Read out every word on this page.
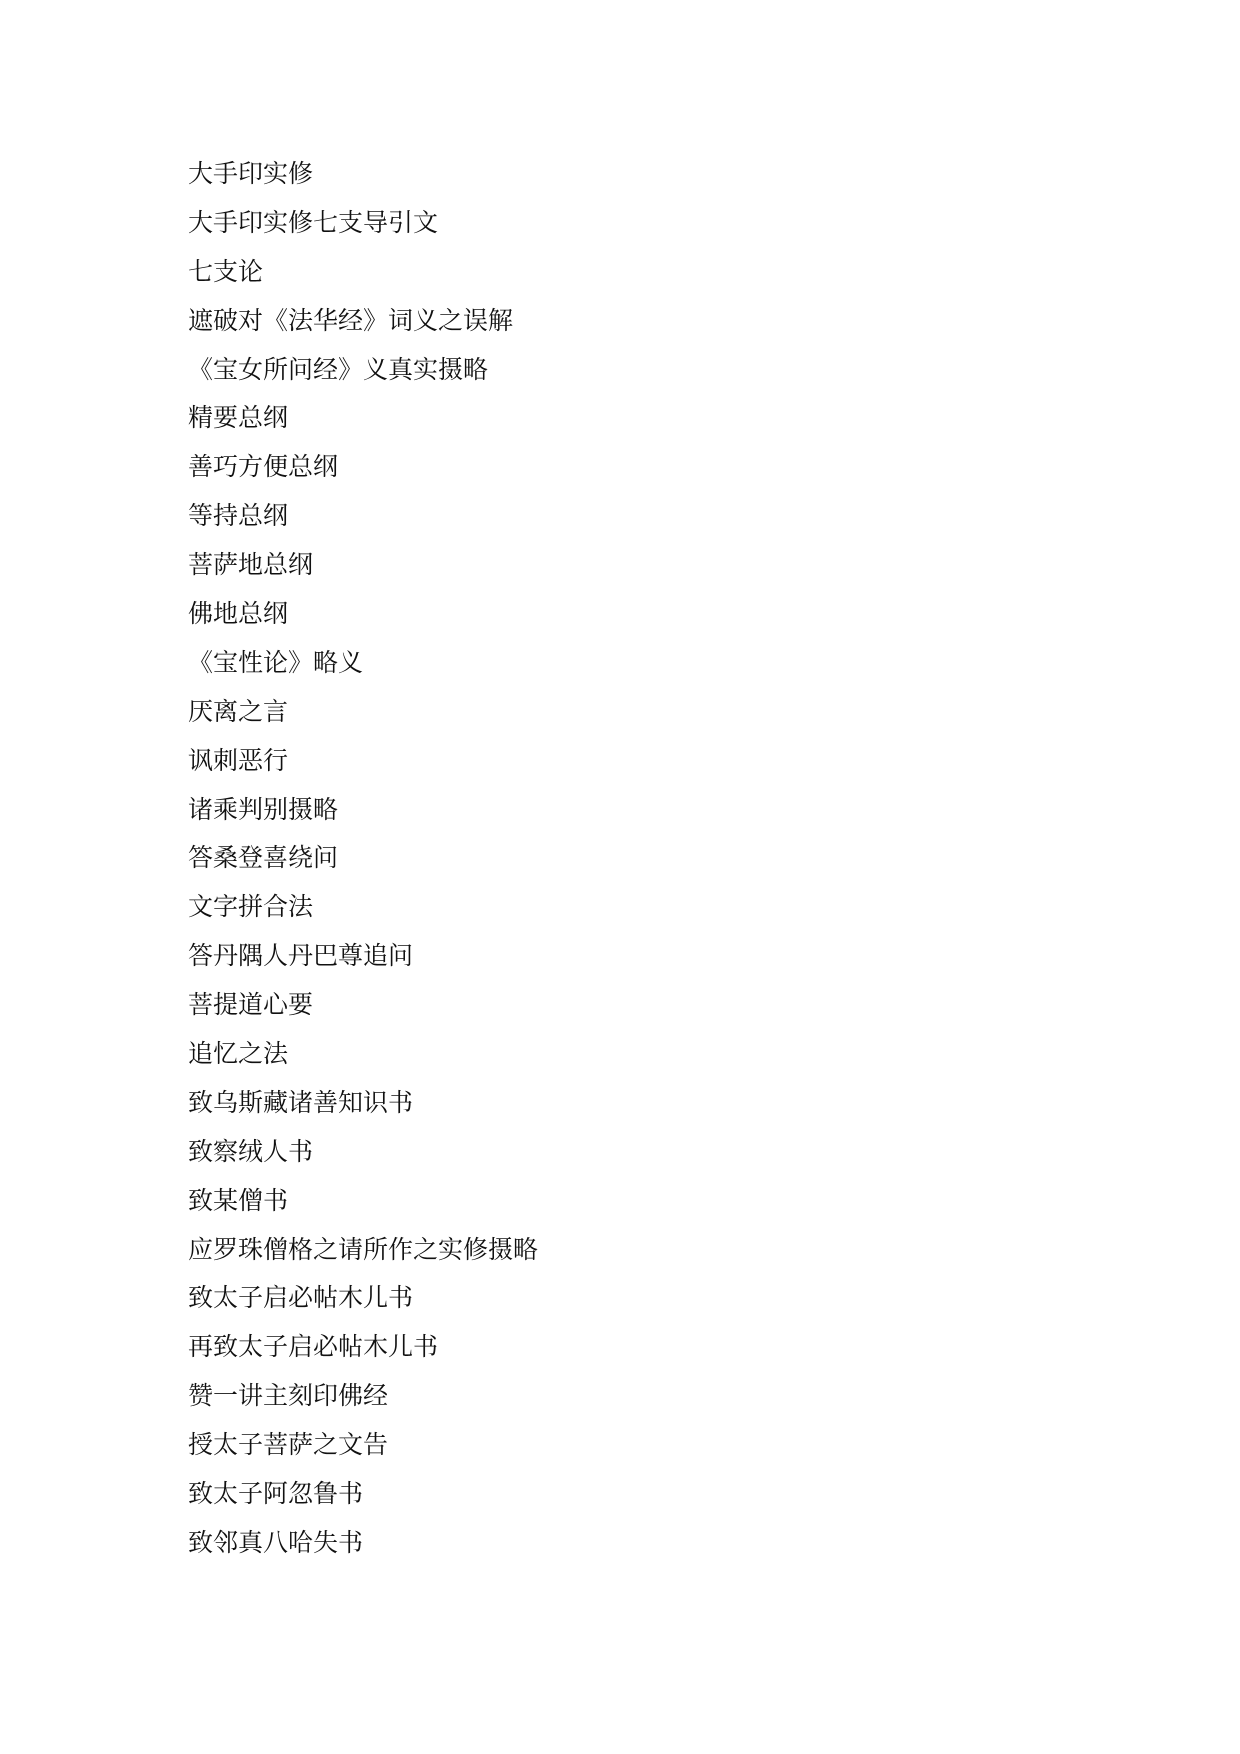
大手印实修
大手印实修七支导引文
七支论
遮破对《法华经》词义之误解
《宝女所问经》义真实摄略
精要总纲
善巧方便总纲
等持总纲
菩萨地总纲
佛地总纲
《宝性论》略义
厌离之言
讽刺恶行
诸乘判别摄略
答桑登喜绕问
文字拼合法
答丹隅人丹巴尊追问
菩提道心要
追忆之法
致乌斯藏诸善知识书
致察绒人书
致某僧书
应罗珠僧格之请所作之实修摄略
致太子启必帖木儿书
再致太子启必帖木儿书
赞一讲主刻印佛经
授太子菩萨之文告
致太子阿忽鲁书
致邻真八哈失书
